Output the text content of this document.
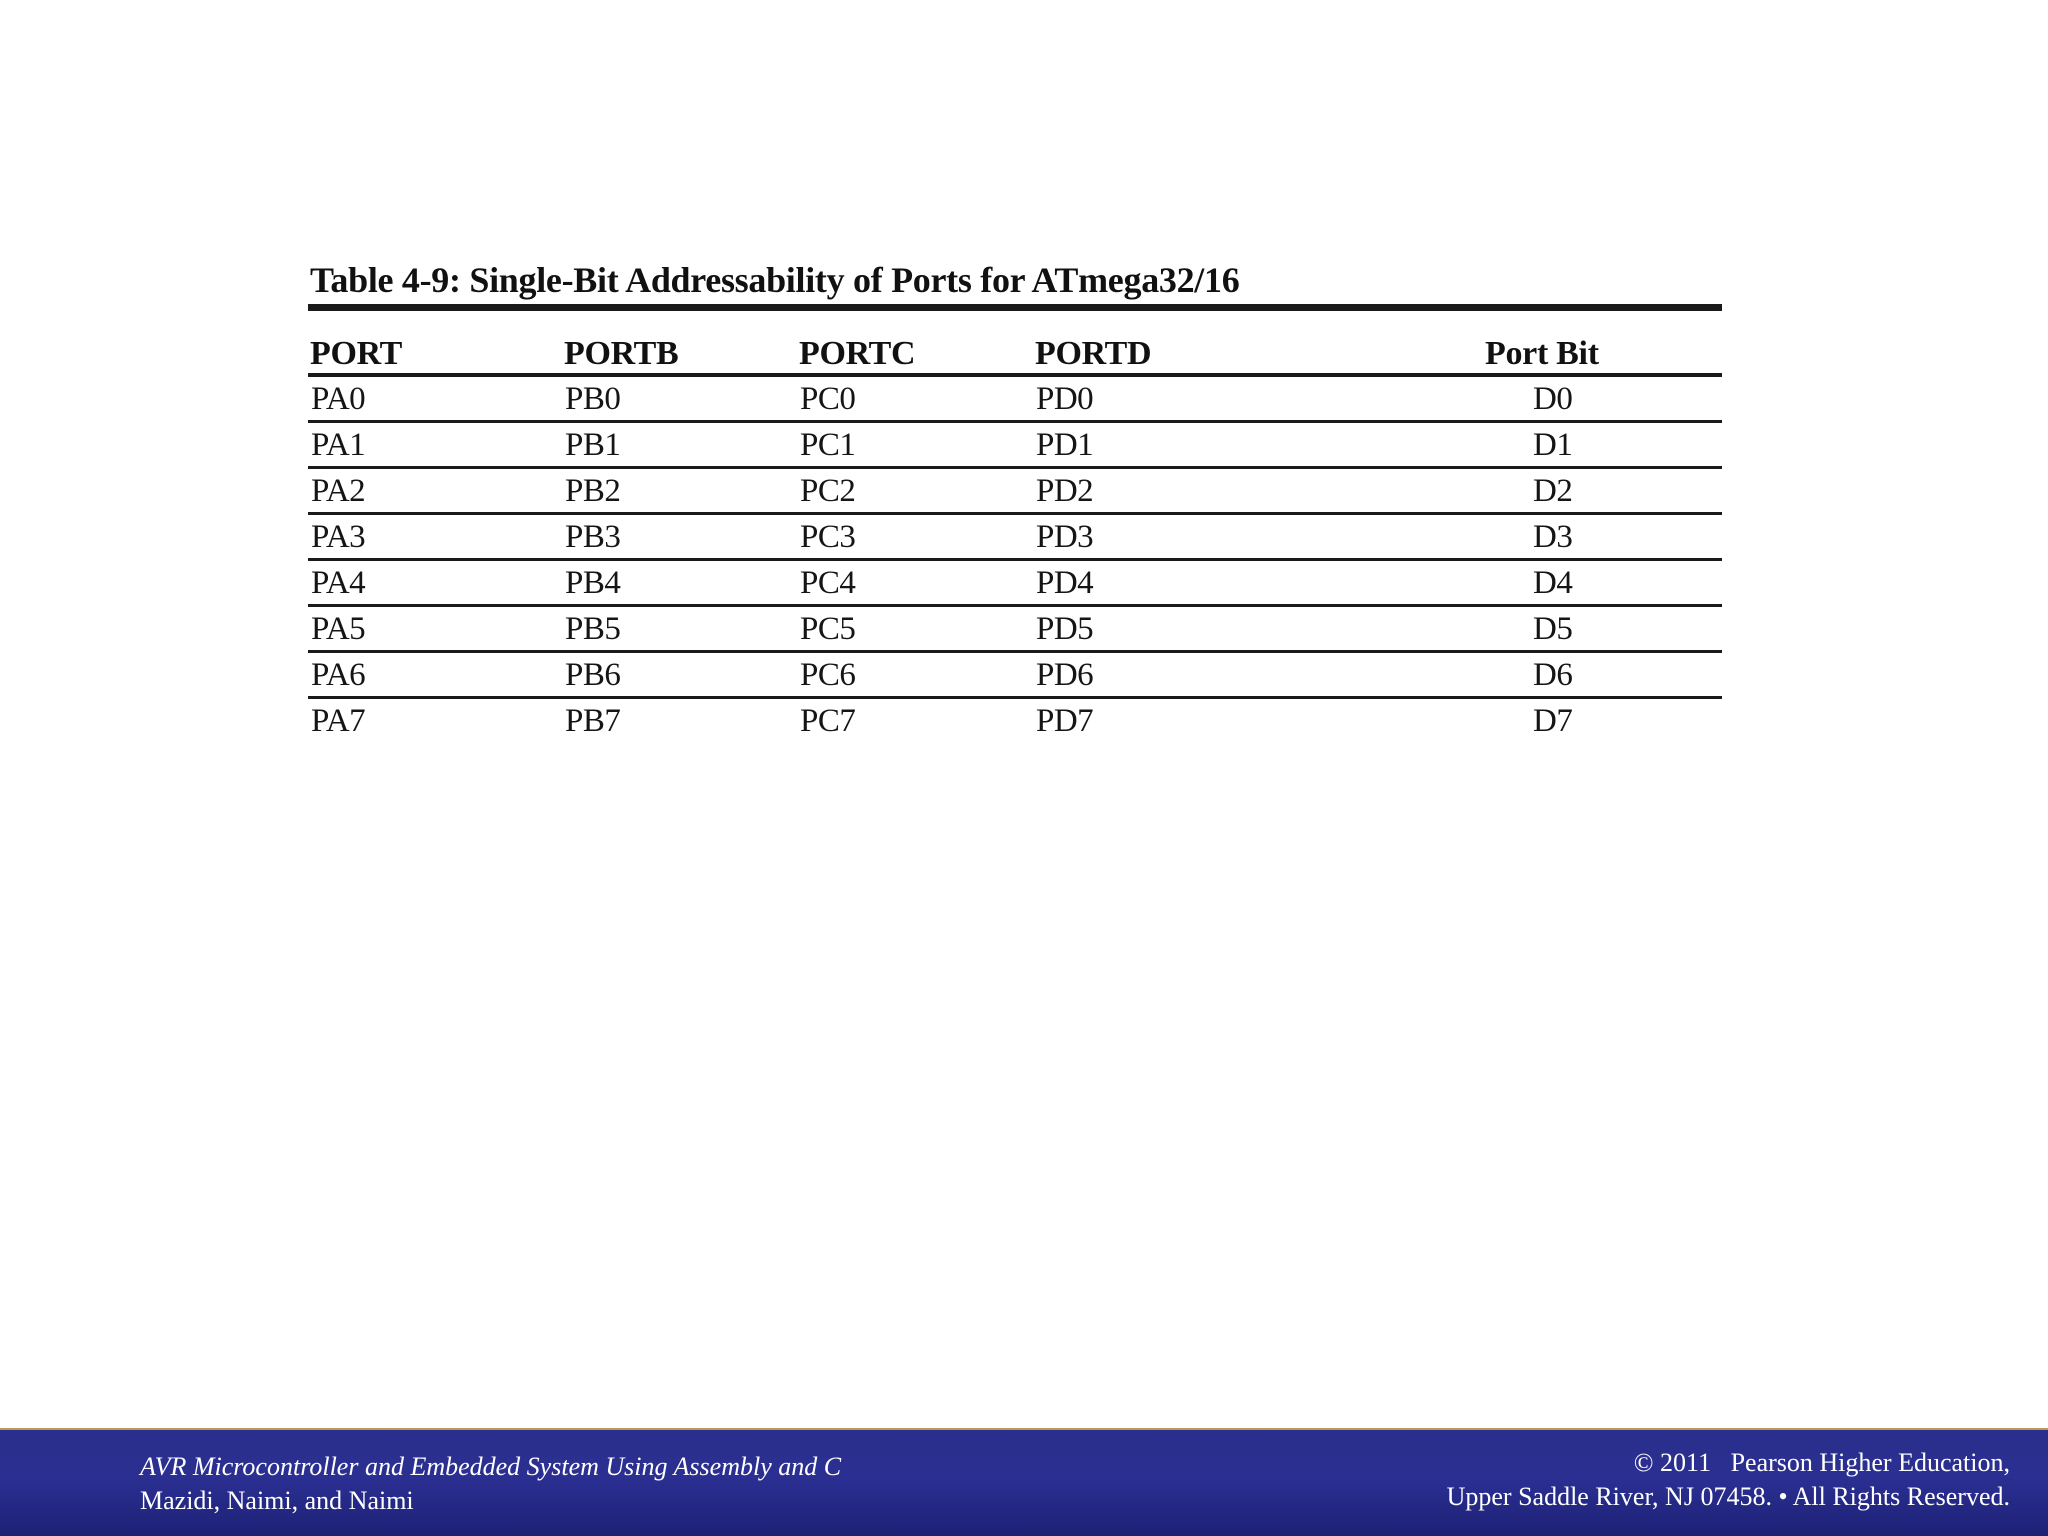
Table 4-9: Single-Bit Addressability of Ports for ATmega32/16
PORT	PORTB	PORTC	PORTD	Port Bit
PA0	PB0	PC0	PD0	D0
PA1	PB1	PC1	PD1	D1
PA2	PB2	PC2	PD2	D2
PA3	PB3	PC3	PD3	D3
PA4	PB4	PC4	PD4	D4
PA5	PB5	PC5	PD5	D5
PA6	PB6	PC6	PD6	D6
PA7	PB7	PC7	PD7	D7
AVR Microcontroller and Embedded System Using Assembly and C
Mazidi, Naimi, and Naimi
© 2011   Pearson Higher Education,
Upper Saddle River, NJ 07458. • All Rights Reserved.
